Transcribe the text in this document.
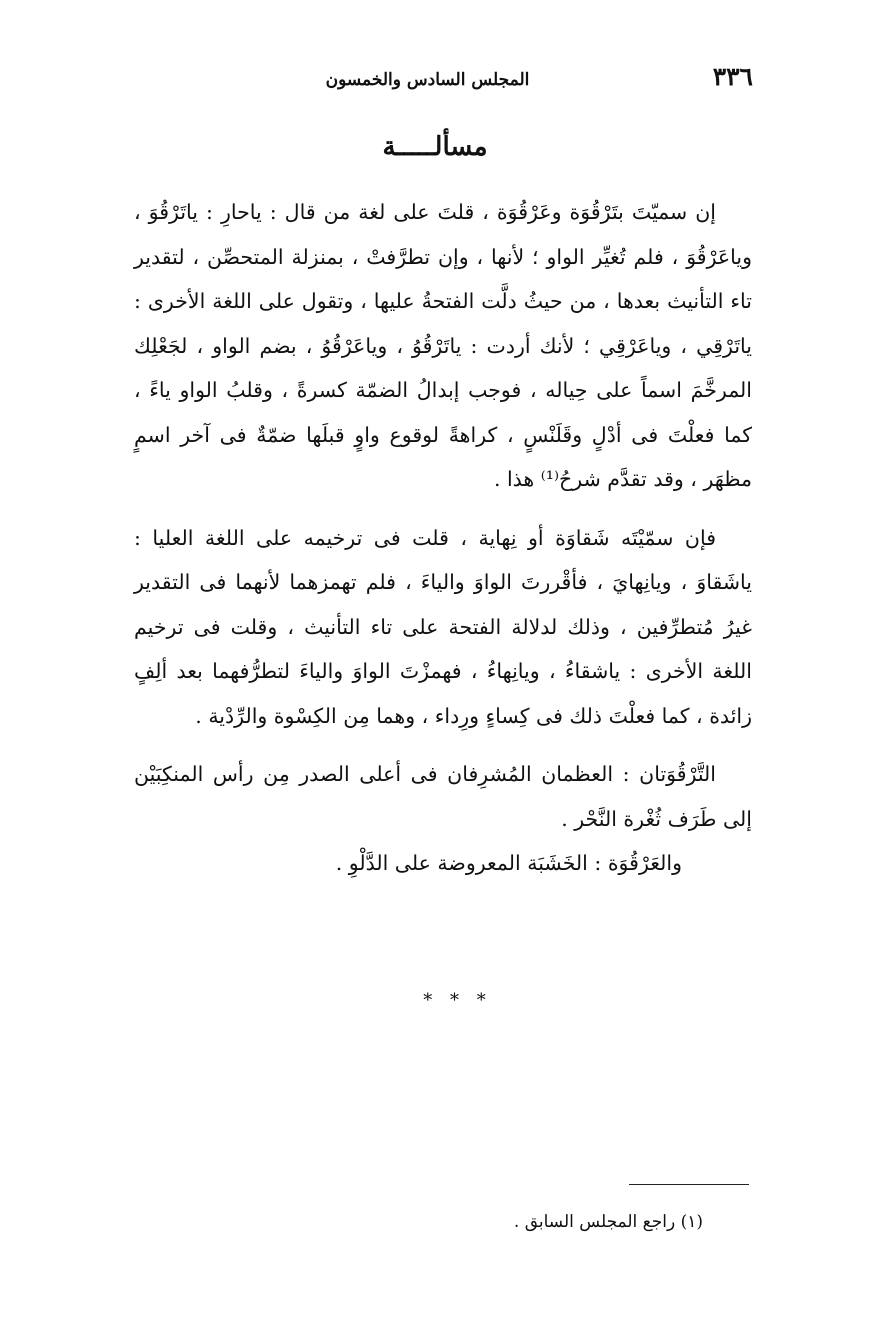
٣٣٦
المجلس السادس والخمسون
مسألـــــة

إن سميّتَ بتَرْقُوَة وعَرْقُوَة ، قلتَ على لغة من قال : ياحارِ : ياتَرْقُوَ ، وياعَرْقُوَ ، فلم تُغيِّر الواو ؛ لأنها ، وإن تطرَّفتْ ، بمنزلة المتحصِّن ، لتقدير تاء التأنيث بعدها ، من حيثُ دلَّت الفتحةُ عليها ، وتقول على اللغة الأخرى : ياتَرْقِي ، وياعَرْقِي ؛ لأنك أردت : ياتَرْقُوُ ، وياعَرْقُوُ ، بضم الواو ، لجَعْلِك المرخَّمَ اسماً على حِياله ، فوجب إبدالُ الضمّة كسرةً ، وقلبُ الواو ياءً ، كما فعلْتَ فى أدْلٍ وقَلَنْسٍ ، كراهةً لوقوع واوٍ قبلَها ضمّةٌ فى آخر اسمٍ مظهَر ، وقد تقدَّم شرحُ⁽¹⁾ هذا .

فإن سمّيْتَه شَقاوَة أو نِهاية ، قلت فى ترخيمه على اللغة العليا : ياشَقاوَ ، ويانِهايَ ، فأقْررتَ الواوَ والياءَ ، فلم تهمزهما لأنهما فى التقدير غيرُ مُتطرِّفين ، وذلك لدلالة الفتحة على تاء التأنيث ، وقلت فى ترخيم اللغة الأخرى : ياشقاءُ ، ويانِهاءُ ، فهمزْتَ الواوَ والياءَ لتطرُّفهما بعد ألِفٍ زائدة ، كما فعلْتَ ذلك فى كِساءٍ ورِداء ، وهما مِن الكِسْوة والرِّدْية .

التَّرْقُوَتان : العظمان المُشرِفان فى أعلى الصدر مِن رأس المنكِبَيْن إلى طَرَف ثُغْرة النَّحْر .

والعَرْقُوَة : الخَشَبَة المعروضة على الدَّلْوِ .

* * *
(١) راجع المجلس السابق .
